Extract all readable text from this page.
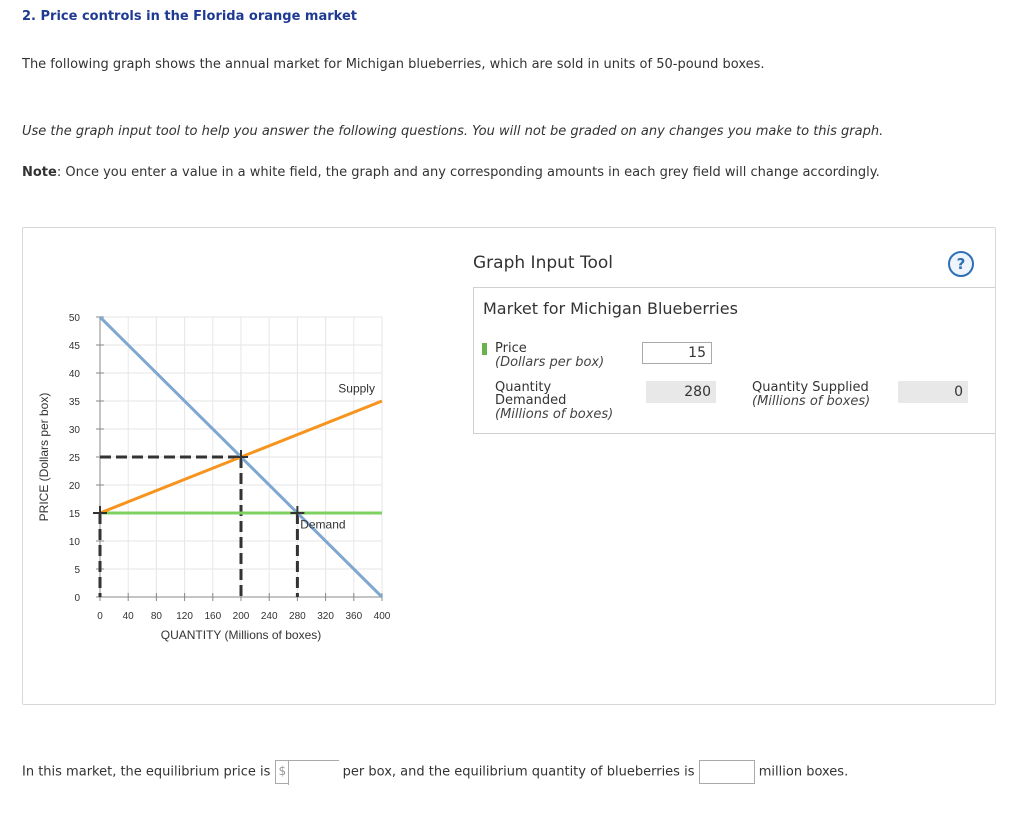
2. Price controls in the Florida orange market
The following graph shows the annual market for Michigan blueberries, which are sold in units of 50-pound boxes.
Use the graph input tool to help you answer the following questions. You will not be graded on any changes you make to this graph.
Note: Once you enter a value in a white field, the graph and any corresponding amounts in each grey field will change accordingly.
0
5
10
15
20
25
30
35
40
45
50
0 40 80 120 160 200 240 280 320 360 400
Supply
Demand
QUANTITY (Millions of boxes)
PRICE (Dollars per box)
Graph Input Tool	?
Market for Michigan Blueberries
Price
(Dollars per box)
15
Quantity
Demanded
(Millions of boxes)
280	Quantity Supplied
(Millions of boxes)
0
In this market, the equilibrium price is $	per box, and the equilibrium quantity of blueberries is	million boxes.
